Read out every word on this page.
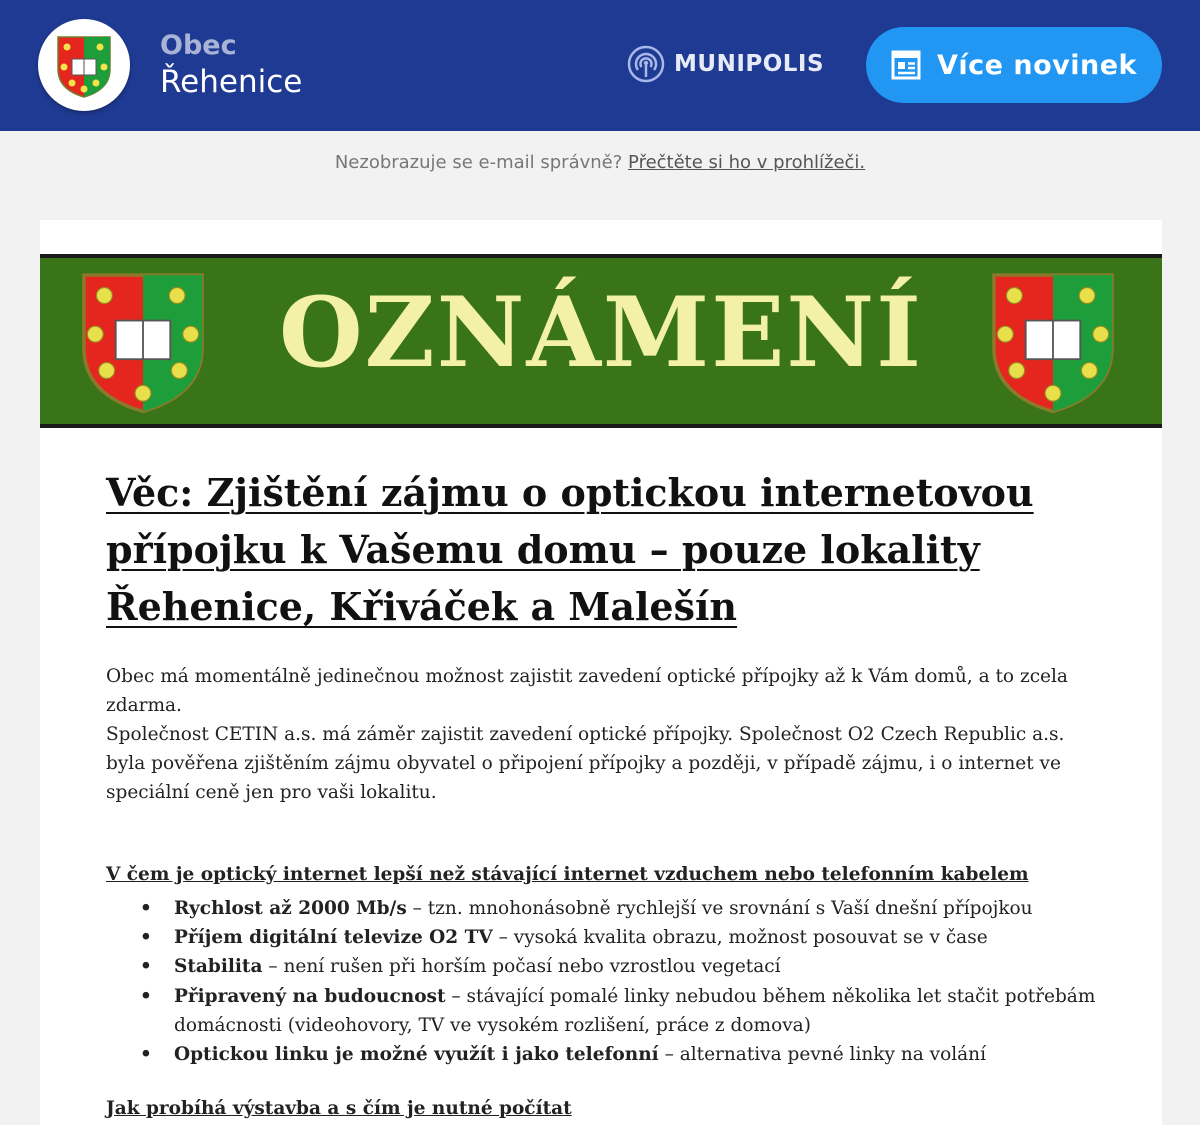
Obec
Řehenice	MUNIPOLIS	Více novinek
Nezobrazuje se e-mail správně? Přečtěte si ho v prohlížeči.
OZNÁMENÍ
Věc: Zjištění zájmu o optickou internetovou přípojku k Vašemu domu – pouze lokality Řehenice, Křiváček a Malešín
Obec má momentálně jedinečnou možnost zajistit zavedení optické přípojky až k Vám domů, a to zcela zdarma.
Společnost CETIN a.s. má záměr zajistit zavedení optické přípojky. Společnost O2 Czech Republic a.s. byla pověřena zjištěním zájmu obyvatel o připojení přípojky a později, v případě zájmu, i o internet ve speciální ceně jen pro vaši lokalitu.
V čem je optický internet lepší než stávající internet vzduchem nebo telefonním kabelem
• Rychlost až 2000 Mb/s – tzn. mnohonásobně rychlejší ve srovnání s Vaší dnešní přípojkou
• Příjem digitální televize O2 TV – vysoká kvalita obrazu, možnost posouvat se v čase
• Stabilita – není rušen při horším počasí nebo vzrostlou vegetací
• Připravený na budoucnost – stávající pomalé linky nebudou během několika let stačit potřebám domácnosti (videohovory, TV ve vysokém rozlišení, práce z domova)
• Optickou linku je možné využít i jako telefonní – alternativa pevné linky na volání
Jak probíhá výstavba a s čím je nutné počítat
